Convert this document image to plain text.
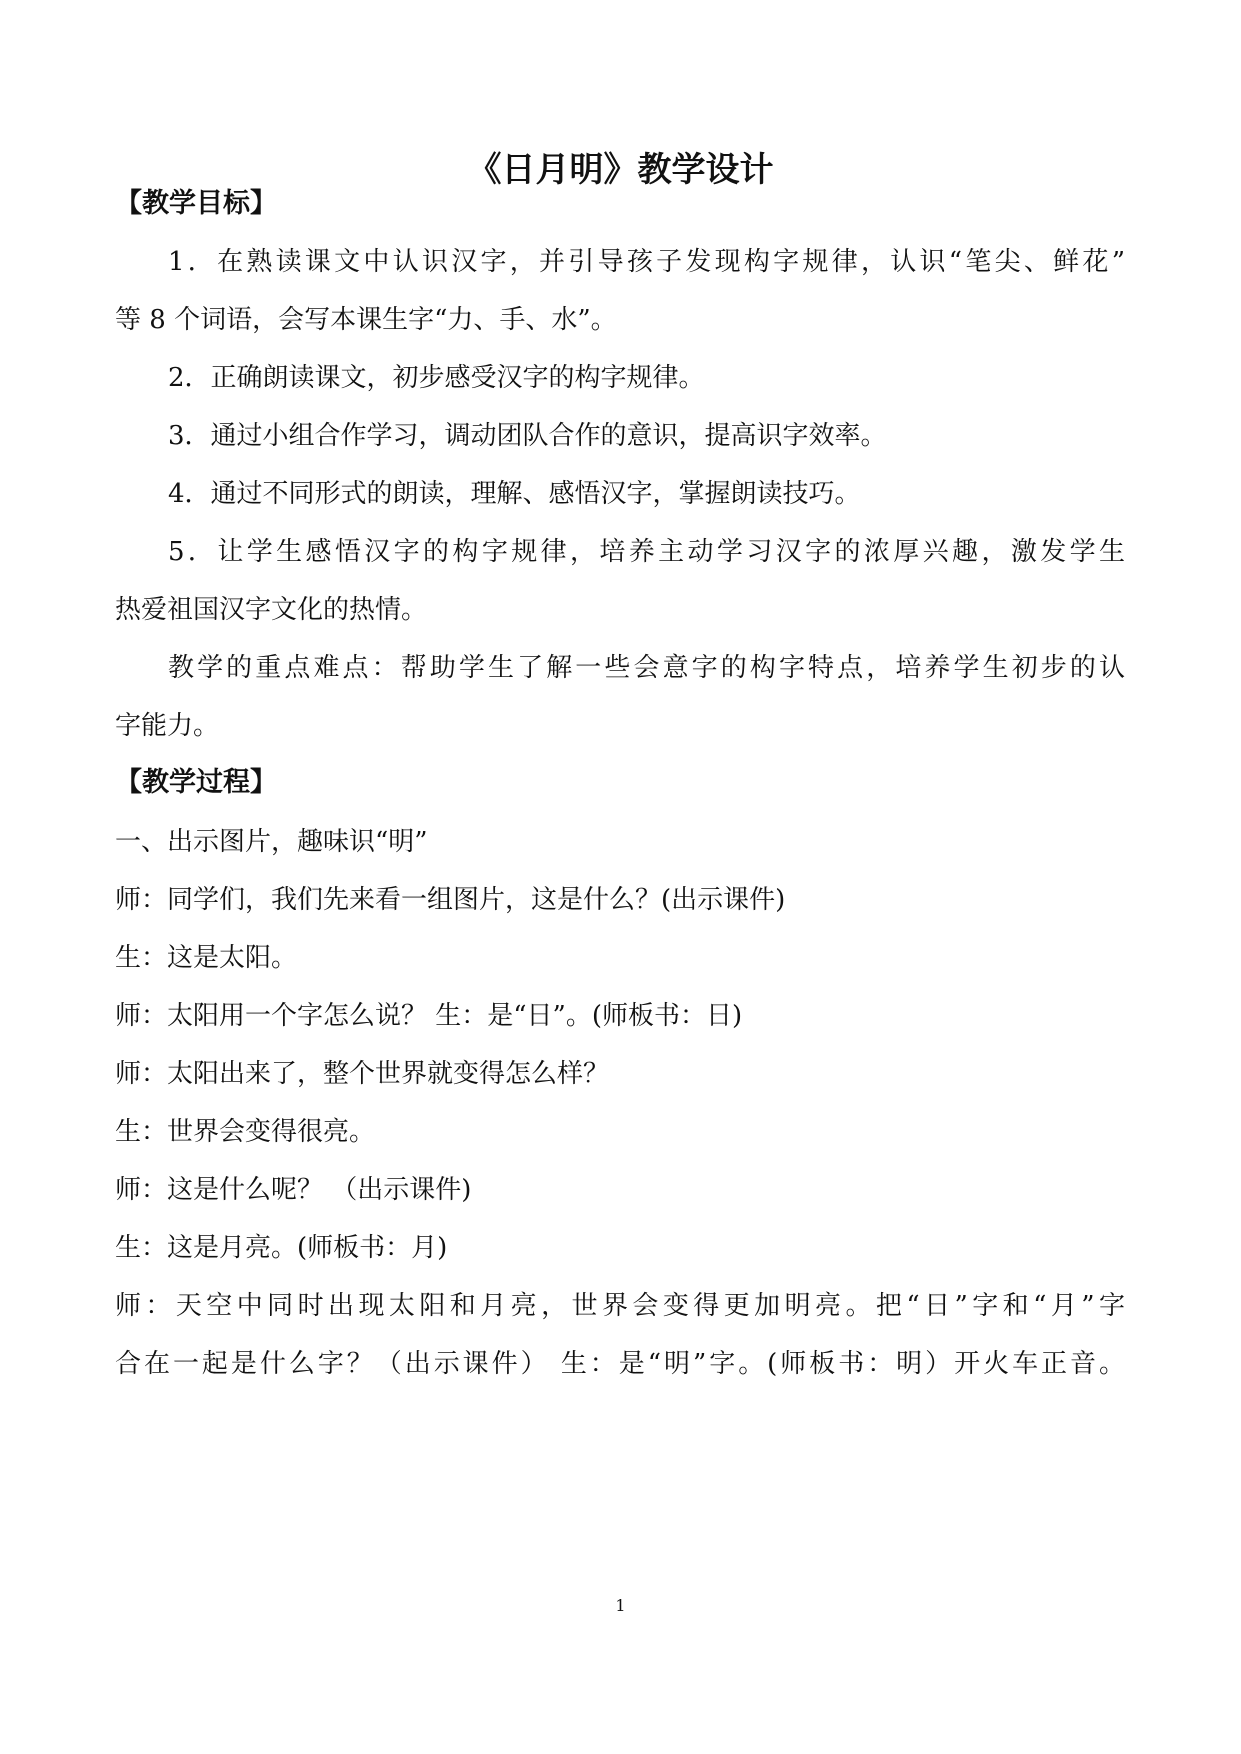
《日月明》教学设计
【教学目标】
1．在熟读课文中认识汉字，并引导孩子发现构字规律，认识“笔尖、鲜花”
等 8 个词语，会写本课生字“力、手、水”。
2．正确朗读课文，初步感受汉字的构字规律。
3．通过小组合作学习，调动团队合作的意识，提高识字效率。
4．通过不同形式的朗读，理解、感悟汉字，掌握朗读技巧。
5．让学生感悟汉字的构字规律，培养主动学习汉字的浓厚兴趣，激发学生
热爱祖国汉字文化的热情。
教学的重点难点：帮助学生了解一些会意字的构字特点，培养学生初步的认
字能力。
【教学过程】
一、出示图片，趣味识“明”
师：同学们，我们先来看一组图片，这是什么？(出示课件)
生：这是太阳。
师：太阳用一个字怎么说？ 生：是“日”。(师板书：日)
师：太阳出来了，整个世界就变得怎么样？
生：世界会变得很亮。
师：这是什么呢？ （出示课件)
生：这是月亮。(师板书：月)
师：天空中同时出现太阳和月亮，世界会变得更加明亮。把“日”字和“月”字
合在一起是什么字？（出示课件） 生：是“明”字。(师板书：明）开火车正音。
1
